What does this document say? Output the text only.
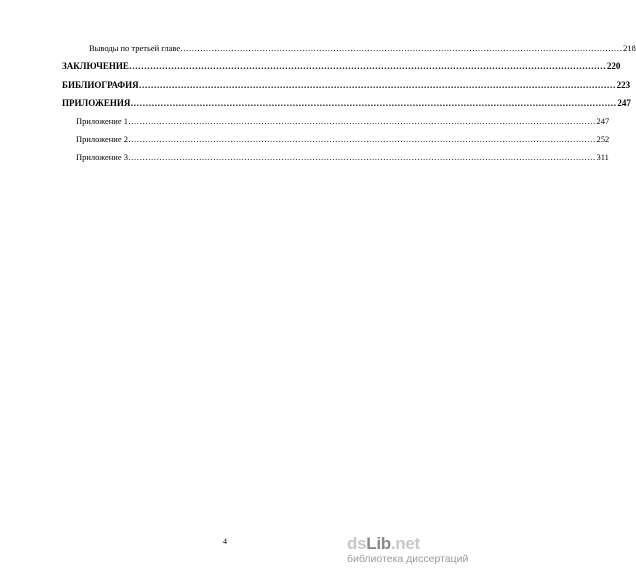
Выводы по третьей главе ………………………………………………………………………………………………………………………………………… 218
ЗАКЛЮЧЕНИЕ …………………………………………………………………………………………………………………………………………… 220
БИБЛИОГРАФИЯ …………………………………………………………………………………………………………………………………………… 223
ПРИЛОЖЕНИЯ… …………………………………………………………………………………………………………………………………………… 247
Приложение 1 ………………………………………………………………………………………………………………………………………………… 247
Приложение 2 ………………………………………………………………………………………………………………………………………………… 252
Приложение 3 ………………………………………………………………………………………………………………………………………………… 311
4	dsLib.net
библиотека диссертаций
